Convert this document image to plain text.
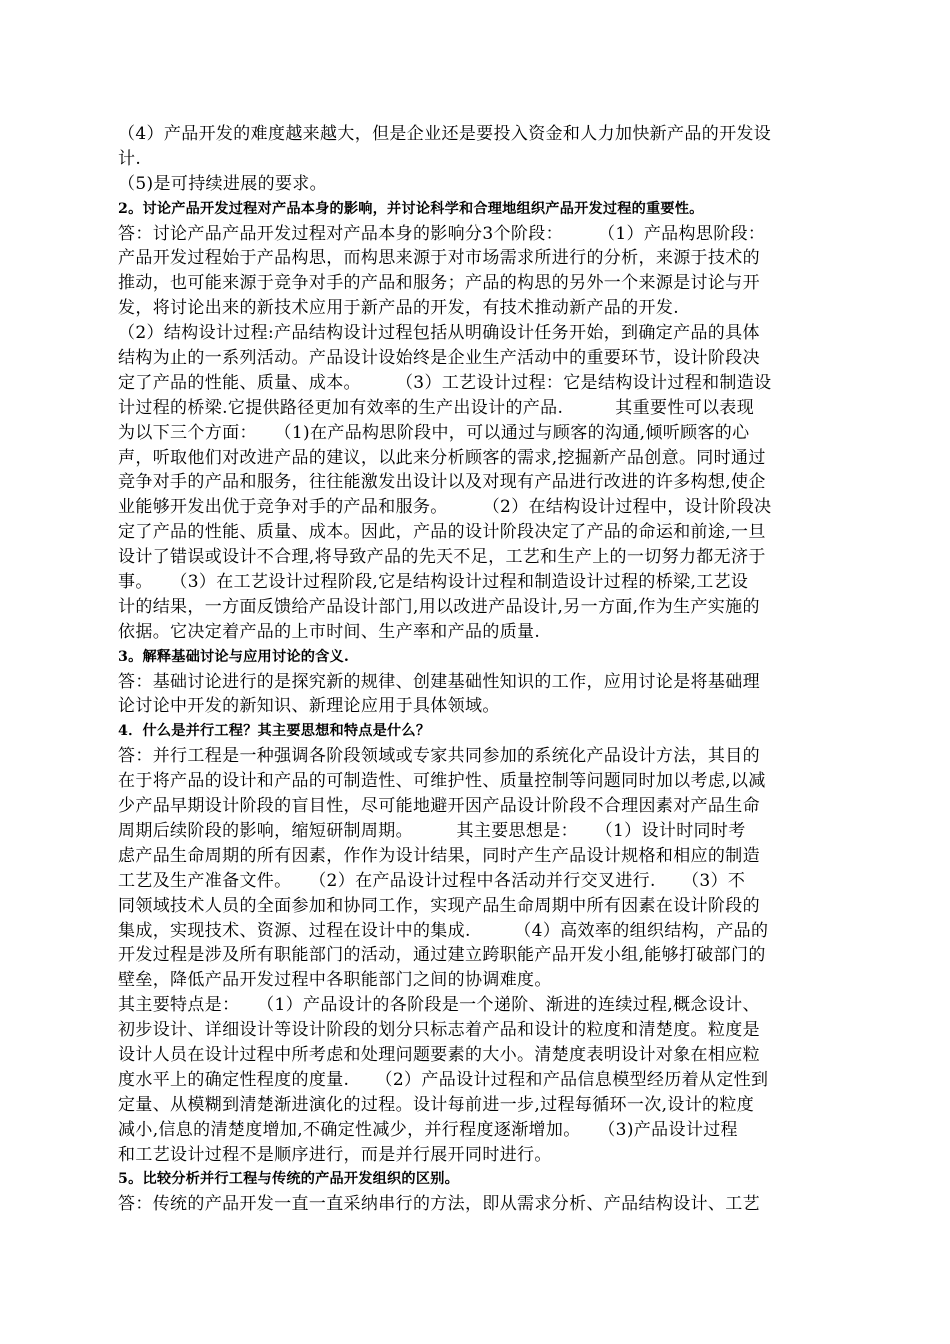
（4）产品开发的难度越来越大，但是企业还是要投入资金和人力加快新产品的开发设
计.
（5)是可持续进展的要求。
2。讨论产品开发过程对产品本身的影响，并讨论科学和合理地组织产品开发过程的重要性。
答：讨论产品产品开发过程对产品本身的影响分3个阶段：　　　（1）产品构思阶段：
产品开发过程始于产品构思，而构思来源于对市场需求所进行的分析，来源于技术的
推动，也可能来源于竞争对手的产品和服务；产品的构思的另外一个来源是讨论与开
发，将讨论出来的新技术应用于新产品的开发，有技术推动新产品的开发.
（2）结构设计过程:产品结构设计过程包括从明确设计任务开始，到确定产品的具体
结构为止的一系列活动。产品设计设始终是企业生产活动中的重要环节，设计阶段决
定了产品的性能、质量、成本。　　　（3）工艺设计过程：它是结构设计过程和制造设
计过程的桥梁.它提供路径更加有效率的生产出设计的产品.　　　其重要性可以表现
为以下三个方面：　　（1)在产品构思阶段中，可以通过与顾客的沟通,倾听顾客的心
声，听取他们对改进产品的建议，以此来分析顾客的需求,挖掘新产品创意。同时通过
竞争对手的产品和服务，往往能激发出设计以及对现有产品进行改进的许多构想,使企
业能够开发出优于竞争对手的产品和服务。　　　（2）在结构设计过程中，设计阶段决
定了产品的性能、质量、成本。因此，产品的设计阶段决定了产品的命运和前途,一旦
设计了错误或设计不合理,将导致产品的先天不足，工艺和生产上的一切努力都无济于
事。　　（3）在工艺设计过程阶段,它是结构设计过程和制造设计过程的桥梁,工艺设
计的结果，一方面反馈给产品设计部门,用以改进产品设计,另一方面,作为生产实施的
依据。它决定着产品的上市时间、生产率和产品的质量.
3。解释基础讨论与应用讨论的含义.
答：基础讨论进行的是探究新的规律、创建基础性知识的工作，应用讨论是将基础理
论讨论中开发的新知识、新理论应用于具体领域。
4．什么是并行工程？其主要思想和特点是什么？
答：并行工程是一种强调各阶段领域或专家共同参加的系统化产品设计方法，其目的
在于将产品的设计和产品的可制造性、可维护性、质量控制等问题同时加以考虑,以减
少产品早期设计阶段的盲目性，尽可能地避开因产品设计阶段不合理因素对产品生命
周期后续阶段的影响，缩短研制周期。　　　其主要思想是：　　（1）设计时同时考
虑产品生命周期的所有因素，作作为设计结果，同时产生产品设计规格和相应的制造
工艺及生产准备文件。　　（2）在产品设计过程中各活动并行交叉进行.　　（3）不
同领域技术人员的全面参加和协同工作，实现产品生命周期中所有因素在设计阶段的
集成，实现技术、资源、过程在设计中的集成.　　　（4）高效率的组织结构，产品的
开发过程是涉及所有职能部门的活动，通过建立跨职能产品开发小组,能够打破部门的
壁垒，降低产品开发过程中各职能部门之间的协调难度。
其主要特点是：　　（1）产品设计的各阶段是一个递阶、渐进的连续过程,概念设计、
初步设计、详细设计等设计阶段的划分只标志着产品和设计的粒度和清楚度。粒度是
设计人员在设计过程中所考虑和处理问题要素的大小。清楚度表明设计对象在相应粒
度水平上的确定性程度的度量.　　（2）产品设计过程和产品信息模型经历着从定性到
定量、从模糊到清楚渐进演化的过程。设计每前进一步,过程每循环一次,设计的粒度
减小,信息的清楚度增加,不确定性减少，并行程度逐渐增加。　　（3)产品设计过程
和工艺设计过程不是顺序进行，而是并行展开同时进行。
5。比较分析并行工程与传统的产品开发组织的区别。
答：传统的产品开发一直一直采纳串行的方法，即从需求分析、产品结构设计、工艺
